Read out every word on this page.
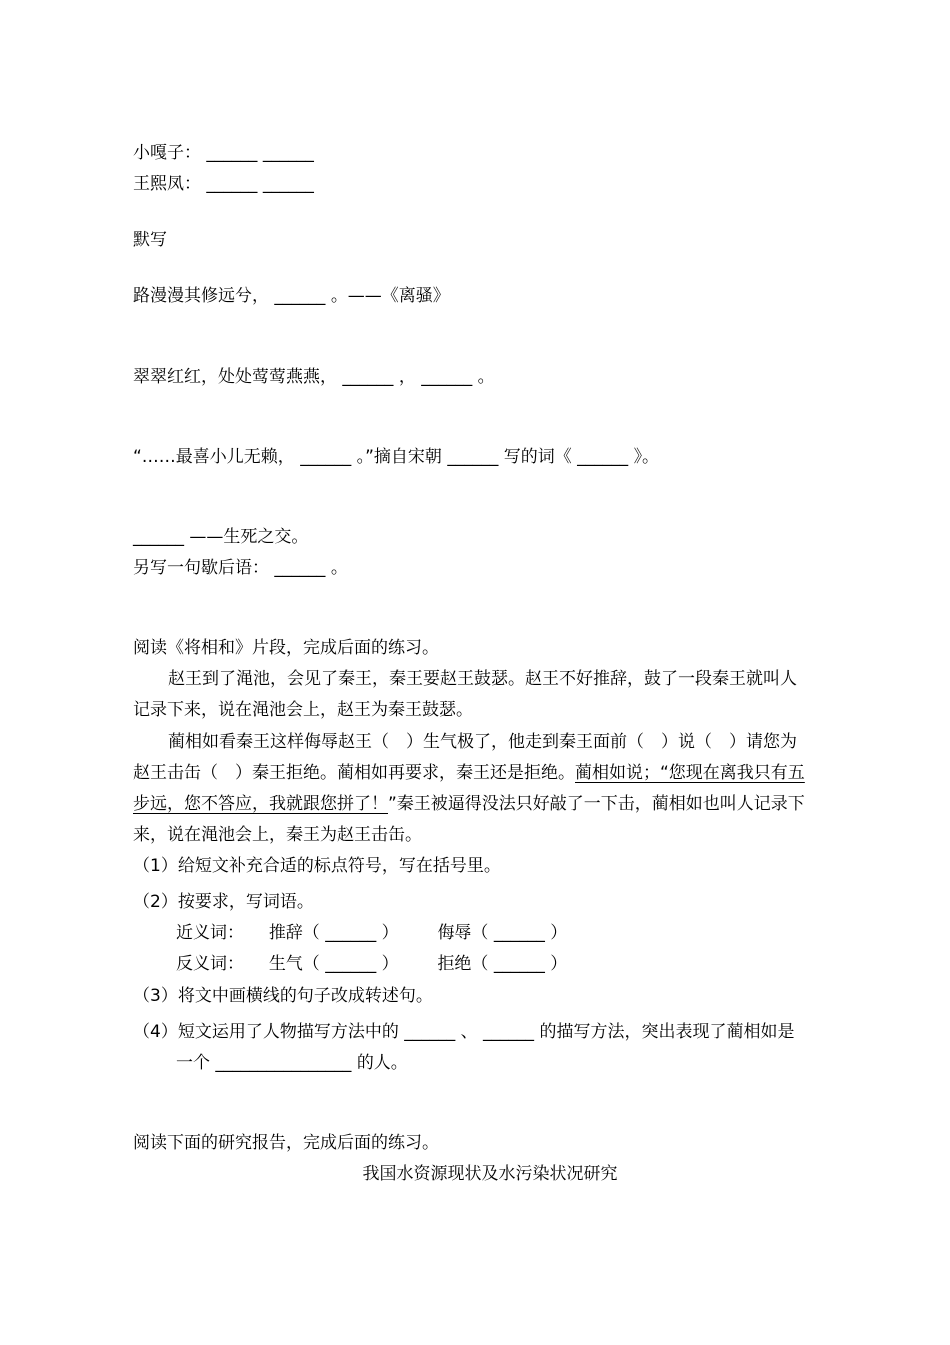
小嘎子： ______ ______
王熙凤： ______ ______
默写
路漫漫其修远兮， ______ 。——《离骚》
翠翠红红，处处莺莺燕燕， ______ ， ______ 。
“……最喜小儿无赖， ______ 。”摘自宋朝 ______ 写的词《 ______ 》。
______ ——生死之交。
另写一句歇后语： ______ 。
阅读《将相和》片段，完成后面的练习。
赵王到了渑池，会见了秦王，秦王要赵王鼓瑟。赵王不好推辞，鼓了一段秦王就叫人
记录下来，说在渑池会上，赵王为秦王鼓瑟。
蔺相如看秦王这样侮辱赵王（　）生气极了，他走到秦王面前（　）说（　）请您为
赵王击缶（　）秦王拒绝。蔺相如再要求，秦王还是拒绝。蔺相如说；“您现在离我只有五
步远，您不答应，我就跟您拼了！”秦王被逼得没法只好敲了一下击，蔺相如也叫人记录下
来，说在渑池会上，秦王为赵王击缶。
（1）给短文补充合适的标点符号，写在括号里。
（2）按要求，写词语。
近义词： 推辞（ ______ ） 侮辱（ ______ ）
反义词： 生气（ ______ ） 拒绝（ ______ ）
（3）将文中画横线的句子改成转述句。
（4）短文运用了人物描写方法中的 ______ 、 ______ 的描写方法，突出表现了蔺相如是
一个 ________________ 的人。
阅读下面的研究报告，完成后面的练习。
我国水资源现状及水污染状况研究
